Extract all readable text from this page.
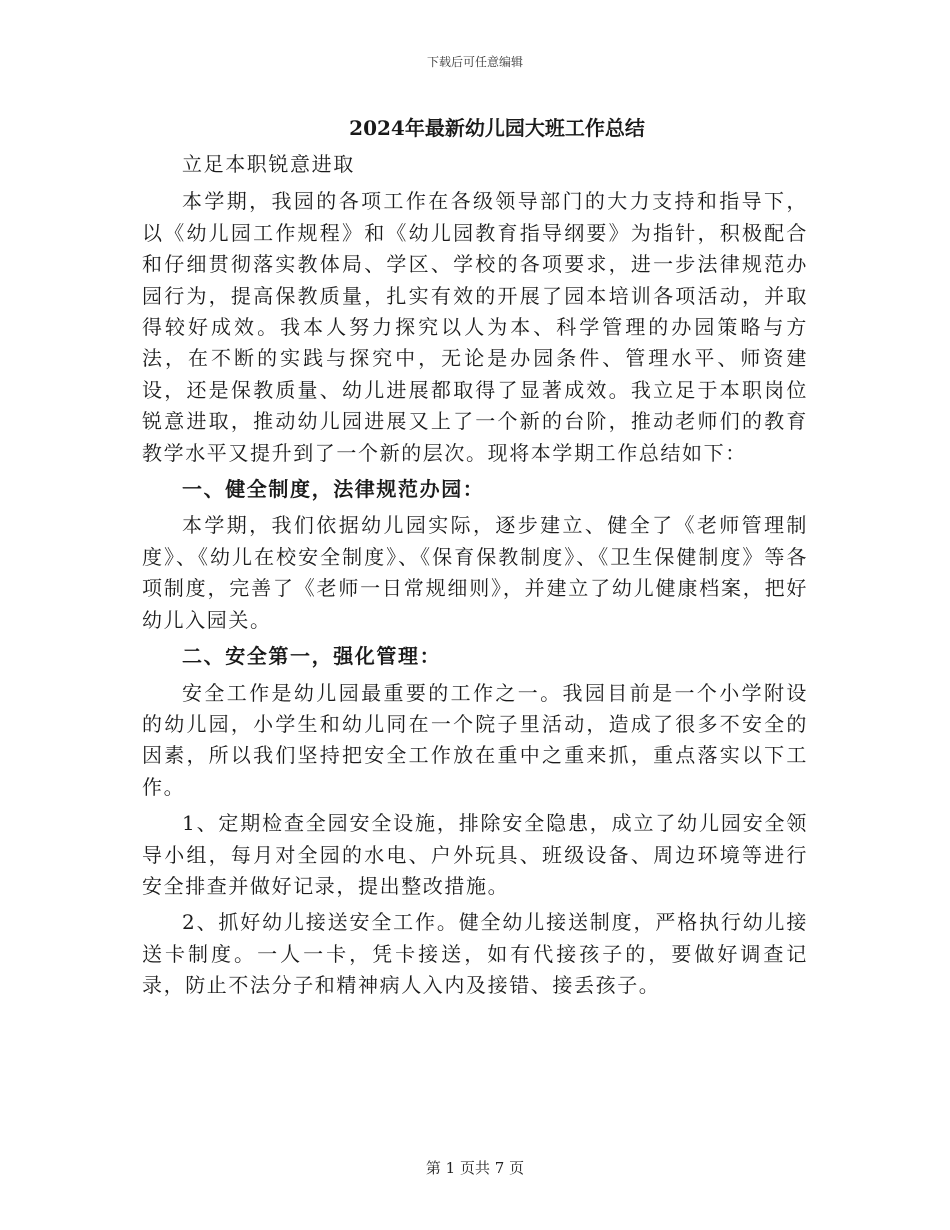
下载后可任意编辑
2024年最新幼儿园大班工作总结

立足本职锐意进取

本学期，我园的各项工作在各级领导部门的大力支持和指导下，以《幼儿园工作规程》和《幼儿园教育指导纲要》为指针，积极配合和仔细贯彻落实教体局、学区、学校的各项要求，进一步法律规范办园行为，提高保教质量，扎实有效的开展了园本培训各项活动，并取得较好成效。我本人努力探究以人为本、科学管理的办园策略与方法，在不断的实践与探究中，无论是办园条件、管理水平、师资建设，还是保教质量、幼儿进展都取得了显著成效。我立足于本职岗位锐意进取，推动幼儿园进展又上了一个新的台阶，推动老师们的教育教学水平又提升到了一个新的层次。现将本学期工作总结如下：

一、健全制度，法律规范办园：

本学期，我们依据幼儿园实际，逐步建立、健全了《老师管理制度》、《幼儿在校安全制度》、《保育保教制度》、《卫生保健制度》等各项制度，完善了《老师一日常规细则》，并建立了幼儿健康档案，把好幼儿入园关。

二、安全第一，强化管理：

安全工作是幼儿园最重要的工作之一。我园目前是一个小学附设的幼儿园，小学生和幼儿同在一个院子里活动，造成了很多不安全的因素，所以我们坚持把安全工作放在重中之重来抓，重点落实以下工作。

1、定期检查全园安全设施，排除安全隐患，成立了幼儿园安全领导小组，每月对全园的水电、户外玩具、班级设备、周边环境等进行安全排查并做好记录，提出整改措施。

2、抓好幼儿接送安全工作。健全幼儿接送制度，严格执行幼儿接送卡制度。一人一卡，凭卡接送，如有代接孩子的，要做好调查记录，防止不法分子和精神病人入内及接错、接丢孩子。

第 1 页共 7 页
